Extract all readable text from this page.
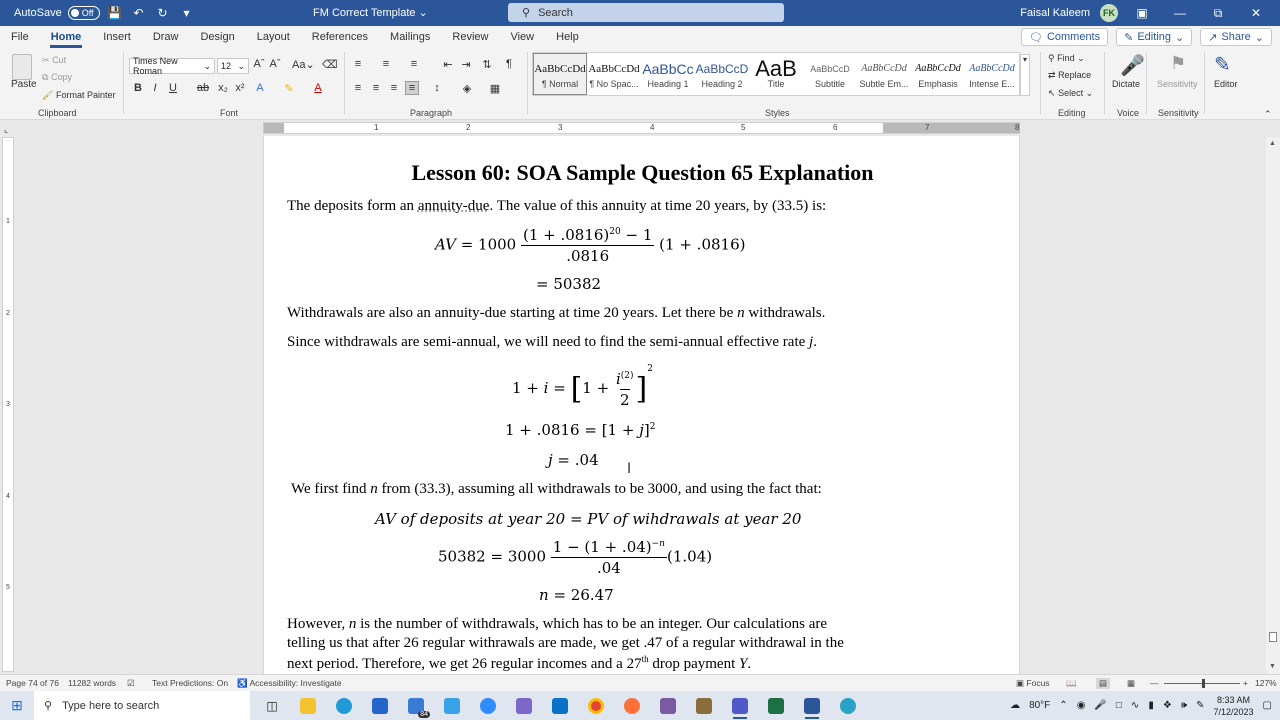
AutoSave Off 💾 ↶	↻	▾	FM Correct Template ⌄	⚲ Search	Faisal Kaleem	FK	▣	—	⧉	✕
File	Home	Insert	Draw	Design	Layout	References	Mailings	Review	View	Help	🗨 Comments ✎ Editing ⌄	↗ Share ⌄
Paste
✂ Cut
⧉ Copy
🖌 Format Painter
Clipboard
Times New Roman
⌄ 12 ⌄ Aˆ Aˇ Aa⌄ ⌫
B	I	U ab x₂ x²	A	✎	A
Font
≡	≡	≡	⇤ ⇥ ⇅	¶
≡	≡	≡	≡	↕	◈ ▦
Paragraph
AaBbCcDd
¶ Normal
AaBbCcDd
¶ No Spac...
AaBbCc
Heading 1
AaBbCcD
Heading 2
AaB
Title
AaBbCcD
Subtitle
AaBbCcDd
Subtle Em...
AaBbCcDd
Emphasis
AaBbCcDd
Intense E...
▾
Styles
⚲ Find ⌄
⇄ Replace
↖ Select ⌄
Editing
🎤
Dictate
Voice
⚑
Sensitivity
Sensitivity
✎
Editor
⌃
⌞	1	2	3	4	5	6	7	8
1
2
3
4
5
Lesson 60: SOA Sample Question 65 Explanation
The deposits form an annuity-due. The value of this annuity at time 20 years, by (33.5) is:
AV = $1000 \frac{(1 + .0816)^{20} - 1}{.0816} (1 + .0816)$
= 50382
Withdrawals are also an annuity-due starting at time 20 years. Let there be n withdrawals.
Since withdrawals are semi-annual, we will need to find the semi-annual effective rate j.
$1 + i = [1 + \frac{i^{(2)}}{2} ]^2$
$1 + .0816 = [1 + j]^2$
j = .04 I
We first find n from (33.3), assuming all withdrawals to be 3000, and using the fact that:
AV of deposits at year 20 = PV of wihdrawals at year 20
$50382 = 3000 \frac{1 - (1 + .04)^{-n}}{.04} (1.04)$
n = 26.47
However, n is the number of withdrawals, which has to be an integer. Our calculations are
telling us that after 26 regular withrawals are made, we get .47 of a regular withdrawal in the
next period. Therefore, we get 26 regular incomes and a 27th drop payment Y.
▲
▼
Page 74 of 76 11282 words ☑ Text Predictions: On ♿ Accessibility: Investigate	▣ Focus 📖	▤	▦ —	+ 127%
⊞	⚲ Type here to search	◫
84
☁ 80°F ⌃ ◉ 🎤 □ ∿ ▮ ❖ 🕪 ✎
8:33 AM
7/12/2023
▢
